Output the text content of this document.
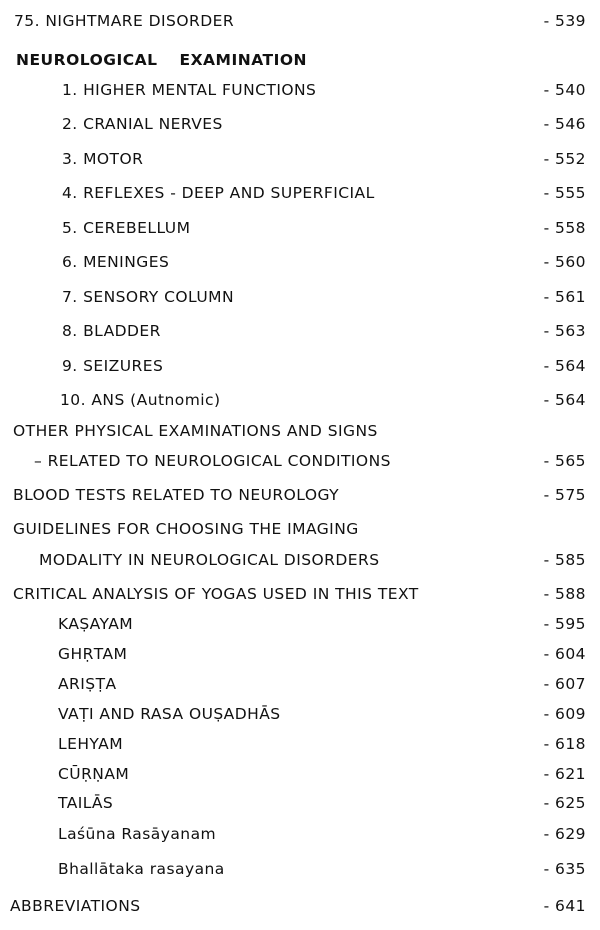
75. NIGHTMARE DISORDER	- 539
NEUROLOGICAL EXAMINATION
1. HIGHER MENTAL FUNCTIONS	- 540
2. CRANIAL NERVES	- 546
3. MOTOR	- 552
4. REFLEXES - DEEP AND SUPERFICIAL	- 555
5. CEREBELLUM	- 558
6. MENINGES	- 560
7. SENSORY COLUMN	- 561
8. BLADDER	- 563
9. SEIZURES	- 564
10. ANS (Autnomic)	- 564
OTHER PHYSICAL EXAMINATIONS AND SIGNS
– RELATED TO NEUROLOGICAL CONDITIONS	- 565
BLOOD TESTS RELATED TO NEUROLOGY	- 575
GUIDELINES FOR CHOOSING THE IMAGING
MODALITY IN NEUROLOGICAL DISORDERS	- 585
CRITICAL ANALYSIS OF YOGAS USED IN THIS TEXT	- 588
KAṢAYAM	- 595
GHṚTAM	- 604
ARIṢṬA	- 607
VAṬI AND RASA OUṢADHĀS	- 609
LEHYAM	- 618
CŪṚṆAM	- 621
TAILĀS	- 625
Laśūna Rasāyanam	- 629
Bhallātaka rasayana	- 635
ABBREVIATIONS	- 641
